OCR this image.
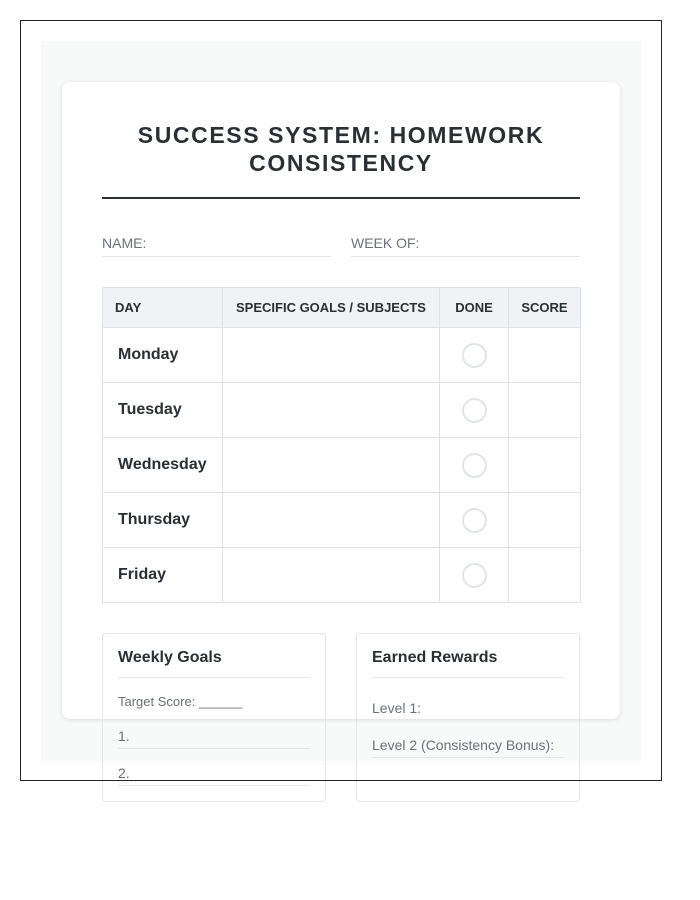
SUCCESS SYSTEM: HOMEWORK CONSISTENCY
NAME:	WEEK OF:
DAY	SPECIFIC GOALS / SUBJECTS	DONE	SCORE
Monday		

Tuesday		

Wednesday		

Thursday		

Friday		

Weekly Goals
Target Score: ______
1.
2.
Earned Rewards
Level 1:
Level 2 (Consistency Bonus):
